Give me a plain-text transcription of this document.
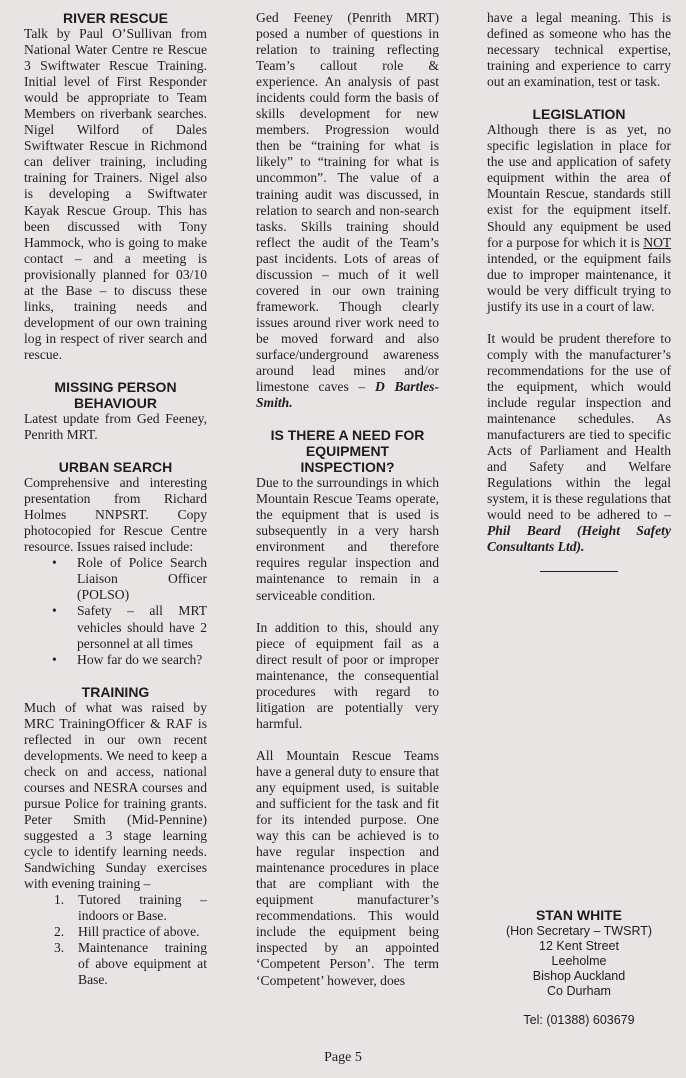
RIVER RESCUE

Talk by Paul O’Sullivan from National Water Centre re Rescue 3 Swiftwater Rescue Training. Initial level of First Responder would be appropriate to Team Members on riverbank searches. Nigel Wilford of Dales Swiftwater Rescue in Richmond can deliver training, including training for Trainers. Nigel also is developing a Swiftwater Kayak Rescue Group. This has been discussed with Tony Hammock, who is going to make contact – and a meeting is provisionally planned for 03/10 at the Base – to discuss these links, training needs and development of our own training log in respect of river search and rescue.

MISSING PERSON
BEHAVIOUR

Latest update from Ged Feeney, Penrith MRT.

URBAN SEARCH

Comprehensive and interesting presentation from Richard Holmes NNPSRT. Copy photocopied for Rescue Centre resource. Issues raised include:

• Role of Police Search Liaison Officer (POLSO)
• Safety – all MRT vehicles should have 2 personnel at all times
• How far do we search?
TRAINING

Much of what was raised by MRC TrainingOfficer & RAF is reflected in our own recent developments. We need to keep a check on and access, national courses and NESRA courses and pursue Police for training grants. Peter Smith (Mid-Pennine) suggested a 3 stage learning cycle to identify learning needs. Sandwiching Sunday exercises with evening training –

1. Tutored training – indoors or Base.
2. Hill practice of above.
3. Maintenance training of above equipment at Base.

Ged Feeney (Penrith MRT) posed a number of questions in relation to training reflecting Team’s callout role & experience. An analysis of past incidents could form the basis of skills development for new members. Progression would then be “training for what is likely” to “training for what is uncommon”. The value of a training audit was discussed, in relation to search and non-search tasks. Skills training should reflect the audit of the Team’s past incidents. Lots of areas of discussion – much of it well covered in our own training framework. Though clearly issues around river work need to be moved forward and also surface/underground awareness around lead mines and/or limestone caves – D Bartles-Smith.

IS THERE A NEED FOR
EQUIPMENT
INSPECTION?

Due to the surroundings in which Mountain Rescue Teams operate, the equipment that is used is subsequently in a very harsh environment and therefore requires regular inspection and maintenance to remain in a serviceable condition.

In addition to this, should any piece of equipment fail as a direct result of poor or improper maintenance, the consequential procedures with regard to litigation are potentially very harmful.

All Mountain Rescue Teams have a general duty to ensure that any equipment used, is suitable and sufficient for the task and fit for its intended purpose. One way this can be achieved is to have regular inspection and maintenance procedures in place that are compliant with the equipment manufacturer’s recommendations. This would include the equipment being inspected by an appointed ‘Competent Person’. The term ‘Competent’ however, does

have a legal meaning. This is defined as someone who has the necessary technical expertise, training and experience to carry out an examination, test or task.

LEGISLATION

Although there is as yet, no specific legislation in place for the use and application of safety equipment within the area of Mountain Rescue, standards still exist for the equipment itself. Should any equipment be used for a purpose for which it is NOT intended, or the equipment fails due to improper maintenance, it would be very difficult trying to justify its use in a court of law.

It would be prudent therefore to comply with the manufacturer’s recommendations for the use of the equipment, which would include regular inspection and maintenance schedules. As manufacturers are tied to specific Acts of Parliament and Health and Safety and Welfare Regulations within the legal system, it is these regulations that would need to be adhered to – Phil Beard (Height Safety Consultants Ltd).

STAN WHITE
(Hon Secretary – TWSRT)
12 Kent Street
Leeholme
Bishop Auckland
Co Durham
Tel: (01388) 603679
Page 5
